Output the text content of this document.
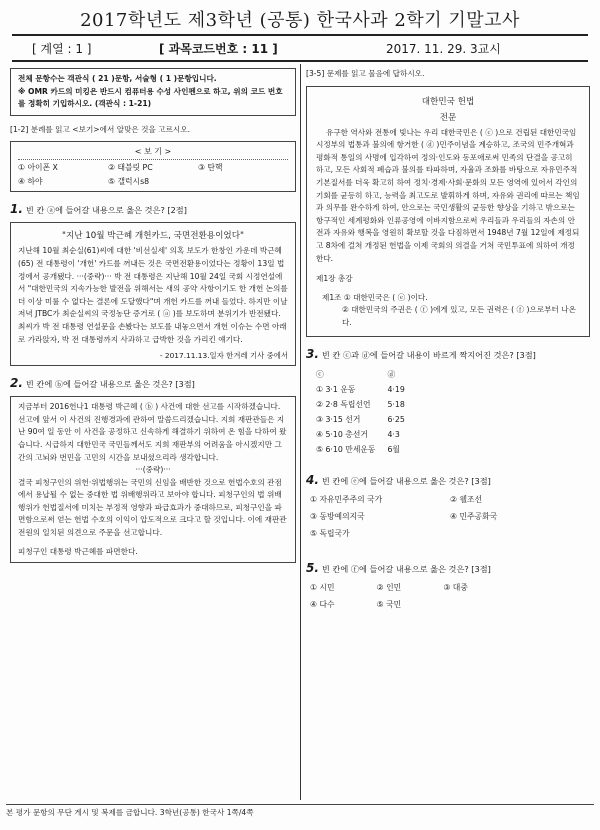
2017학년도 제3학년 (공통) 한국사과 2학기 기말고사
[ 계열 : 1 ]	[ 과목코드번호 : 11 ]	2017. 11. 29. 3교시
전체 문항수는 객관식 ( 21 )문항, 서술형 ( 1 )문항입니다.
※ OMR 카드의 미킹은 반드시 컴퓨터용 수성 사인펜으로 하고, 위의 코드 번호를 정확히 기입하시오. (객관식 : 1-21)
[1-2] 분례를 읽고 <보기>에서 알맞은 것을 고르시오.
< 보 기 >
① 아이폰 X	② 태블릿 PC	③ 탄핵
④ 하야	⑤ 갤럭시s8
1. 빈 칸 ⓐ에 들어갈 내용으로 옳은 것은? [2점]
"지난 10월 박근혜 개헌카드, 국면전환용이었다"
지난해 10월 최순실(61)씨에 대한 '비선실세' 의혹 보도가 한창인 가운데 박근혜(65) 전 대통령이 '개헌' 카드를 꺼내든 것은 국면전환용이었다는 정황이 13일 법정에서 공개됐다. ···(중략)··· 박 전 대통령은 지난해 10월 24일 국회 시정연설에서 "대한민국의 지속가능한 발전을 위해서는 새의 공약 사항이기도 한 개헌 논의를 더 이상 미룰 수 없다는 결론에 도달했다"며 개헌 카드를 꺼내 들었다. 하지만 이날 저녁 JTBC가 최순실씨의 국정농단 증거로 ( ⓐ )를 보도하며 분위기가 반전됐다. 최씨가 박 전 대통령 연설문을 손봤다는 보도를 내놓으면서 개헌 이슈는 수면 아래로 가라앉자, 박 전 대통령까지 사과하고 급박한 것을 가리킨 얘기다.
- 2017.11.13.일자 한겨레 기사 중에서
2. 빈 칸에 ⓑ에 들어갈 내용으로 옳은 것은? [3점]
지금부터 2016헌나1 대통령 박근혜 ( ⓑ ) 사건에 대한 선고를 시작하겠습니다. 선고에 앞서 이 사건의 진행경과에 관하여 말씀드리겠습니다. 지희 재판관들은 지난 90여 일 동안 이 사건을 공정하고 신속하게 해결하기 위하여 온 힘을 다하여 왔습니다. 시급하지 대한민국 국민들께서도 지희 재판부의 어려움을 아시겠지만 그간의 고뇌와 번민을 고민의 시간을 보내셨으리라 생각합니다.
···(중략)···
결국 피청구인의 위헌·위법행위는 국민의 신임을 배반한 것으로 헌법수호의 관점에서 용납될 수 없는 중대한 법 위배행위라고 보아야 합니다. 피청구인의 법 위배행위가 헌법질서에 미치는 부정적 영향과 파급효과가 중대하므로, 피청구인을 파면함으로써 얻는 헌법 수호의 이익이 압도적으로 크다고 할 것입니다. 이에 재판관 전원의 일치된 의견으로 주문을 선고합니다.
피청구인 대통령 박근혜를 파면한다.
[3-5] 문제를 읽고 물음에 답하시오.
대한민국 헌법
전문
유구한 역사와 전통에 빛나는 우리 대한국민은 ( ⓒ )으로 건립된 대한민국임시정부의 법통과 불의에 항거한 ( ⓓ )민주이념을 계승하고, 조국의 민주개혁과 평화적 통일의 사명에 입각하여 정의·인도와 동포애로써 민족의 단결을 공고히 하고, 모든 사회적 폐습과 불의를 타파하며, 자율과 조화를 바탕으로 자유민주적 기본질서를 더욱 확고히 하여 정치·경제·사회·문화의 모든 영역에 있어서 각인의 기회를 균등히 하고, 능력을 최고도로 발휘하게 하며, 자유와 권리에 따르는 책임과 의무를 완수하게 하여, 안으로는 국민생활의 균등한 향상을 기하고 밖으로는 항구적인 세계평화와 인류공영에 이바지함으로써 우리들과 우리들의 자손의 안전과 자유와 행복을 영원히 확보할 것을 다짐하면서 1948년 7월 12일에 제정되고 8차에 걸쳐 개정된 헌법을 이제 국회의 의결을 거쳐 국민투표에 의하여 개정한다.
제1장 총강
제1조 ① 대한민국은 ( ⓔ )이다.
② 대한민국의 주권은 ( ⓕ )에게 있고, 모든 권력은 ( ⓕ )으로부터 나온다.
3. 빈 칸 ⓒ과 ⓓ에 들어갈 내용이 바르게 짝지어진 것은? [3점]
ⓒ	ⓓ
① 3·1 운동	4·19
② 2·8 독립선언	5·18
③ 3·15 선거	6·25
④ 5·10 총선거	4·3
⑤ 6·10 만세운동	6월
4. 빈 칸에 ⓔ에 들어갈 내용으로 옳은 것은? [3점]
① 자유민주주의 국가	② 웰조선
③ 동방예의지국	④ 민주공화국
⑤ 독립국가
5. 빈 칸에 ⓕ에 들어갈 내용으로 옳은 것은? [3점]
① 시민	② 인민	③ 대중
④ 다수	⑤ 국민
본 평가 문항의 무단 게시 및 복제를 금합니다. 3학년(공통) 한국사 1쪽/4쪽
